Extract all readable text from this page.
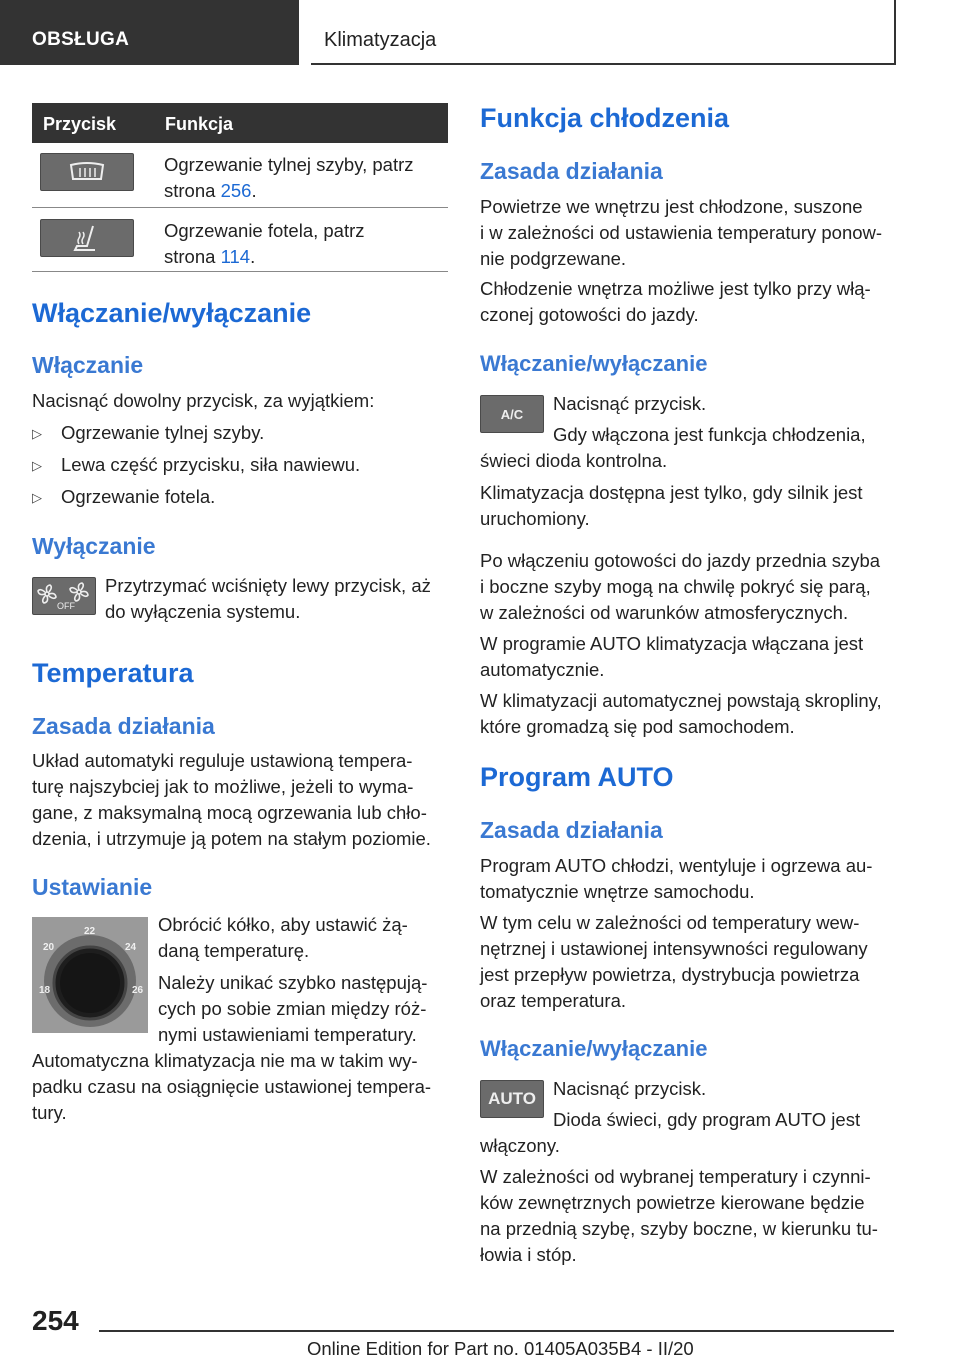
OBSŁUGA	Klimatyzacja
Przycisk	Funkcja

Ogrzewanie tylnej szyby, patrz

strona 256.

Ogrzewanie fotela, patrz

strona 114.

Włączanie/wyłączanie
Włączanie

Nacisnąć dowolny przycisk, za wyjątkiem:

▷ Ogrzewanie tylnej szyby.

▷ Lewa część przycisku, siła nawiewu.

▷ Ogrzewanie fotela.

Wyłączanie
OFF

Przytrzymać wciśnięty lewy przycisk, aż

do wyłączenia systemu.

Temperatura
Zasada działania

Układ automatyki reguluje ustawioną tempera-

turę najszybciej jak to możliwe, jeżeli to wyma-

gane, z maksymalną mocą ogrzewania lub chło-

dzenia, i utrzymuje ją potem na stałym poziomie.

Ustawianie
18
20
22
24
26

Obrócić kółko, aby ustawić żą-

daną temperaturę.

Należy unikać szybko następują-

cych po sobie zmian między róż-

nymi ustawieniami temperatury.

Automatyczna klimatyzacja nie ma w takim wy-

padku czasu na osiągnięcie ustawionej tempera-

tury.

Funkcja chłodzenia
Zasada działania

Powietrze we wnętrzu jest chłodzone, suszone

i w zależności od ustawienia temperatury ponow-

nie podgrzewane.

Chłodzenie wnętrza możliwe jest tylko przy włą-

czonej gotowości do jazdy.

Włączanie/wyłączanie
A/C Nacisnąć przycisk.

Gdy włączona jest funkcja chłodzenia,

świeci dioda kontrolna.

Klimatyzacja dostępna jest tylko, gdy silnik jest

uruchomiony.

Po włączeniu gotowości do jazdy przednia szyba

i boczne szyby mogą na chwilę pokryć się parą,

w zależności od warunków atmosferycznych.

W programie AUTO klimatyzacja włączana jest

automatycznie.

W klimatyzacji automatycznej powstają skropliny,

które gromadzą się pod samochodem.

Program AUTO
Zasada działania

Program AUTO chłodzi, wentyluje i ogrzewa au-

tomatycznie wnętrze samochodu.

W tym celu w zależności od temperatury wew-

nętrznej i ustawionej intensywności regulowany

jest przepływ powietrza, dystrybucja powietrza

oraz temperatura.

Włączanie/wyłączanie
AUTO Nacisnąć przycisk.

Dioda świeci, gdy program AUTO jest

włączony.

W zależności od wybranej temperatury i czynni-

ków zewnętrznych powietrze kierowane będzie

na przednią szybę, szyby boczne, w kierunku tu-

łowia i stóp.

254
Online Edition for Part no. 01405A035B4 - II/20
